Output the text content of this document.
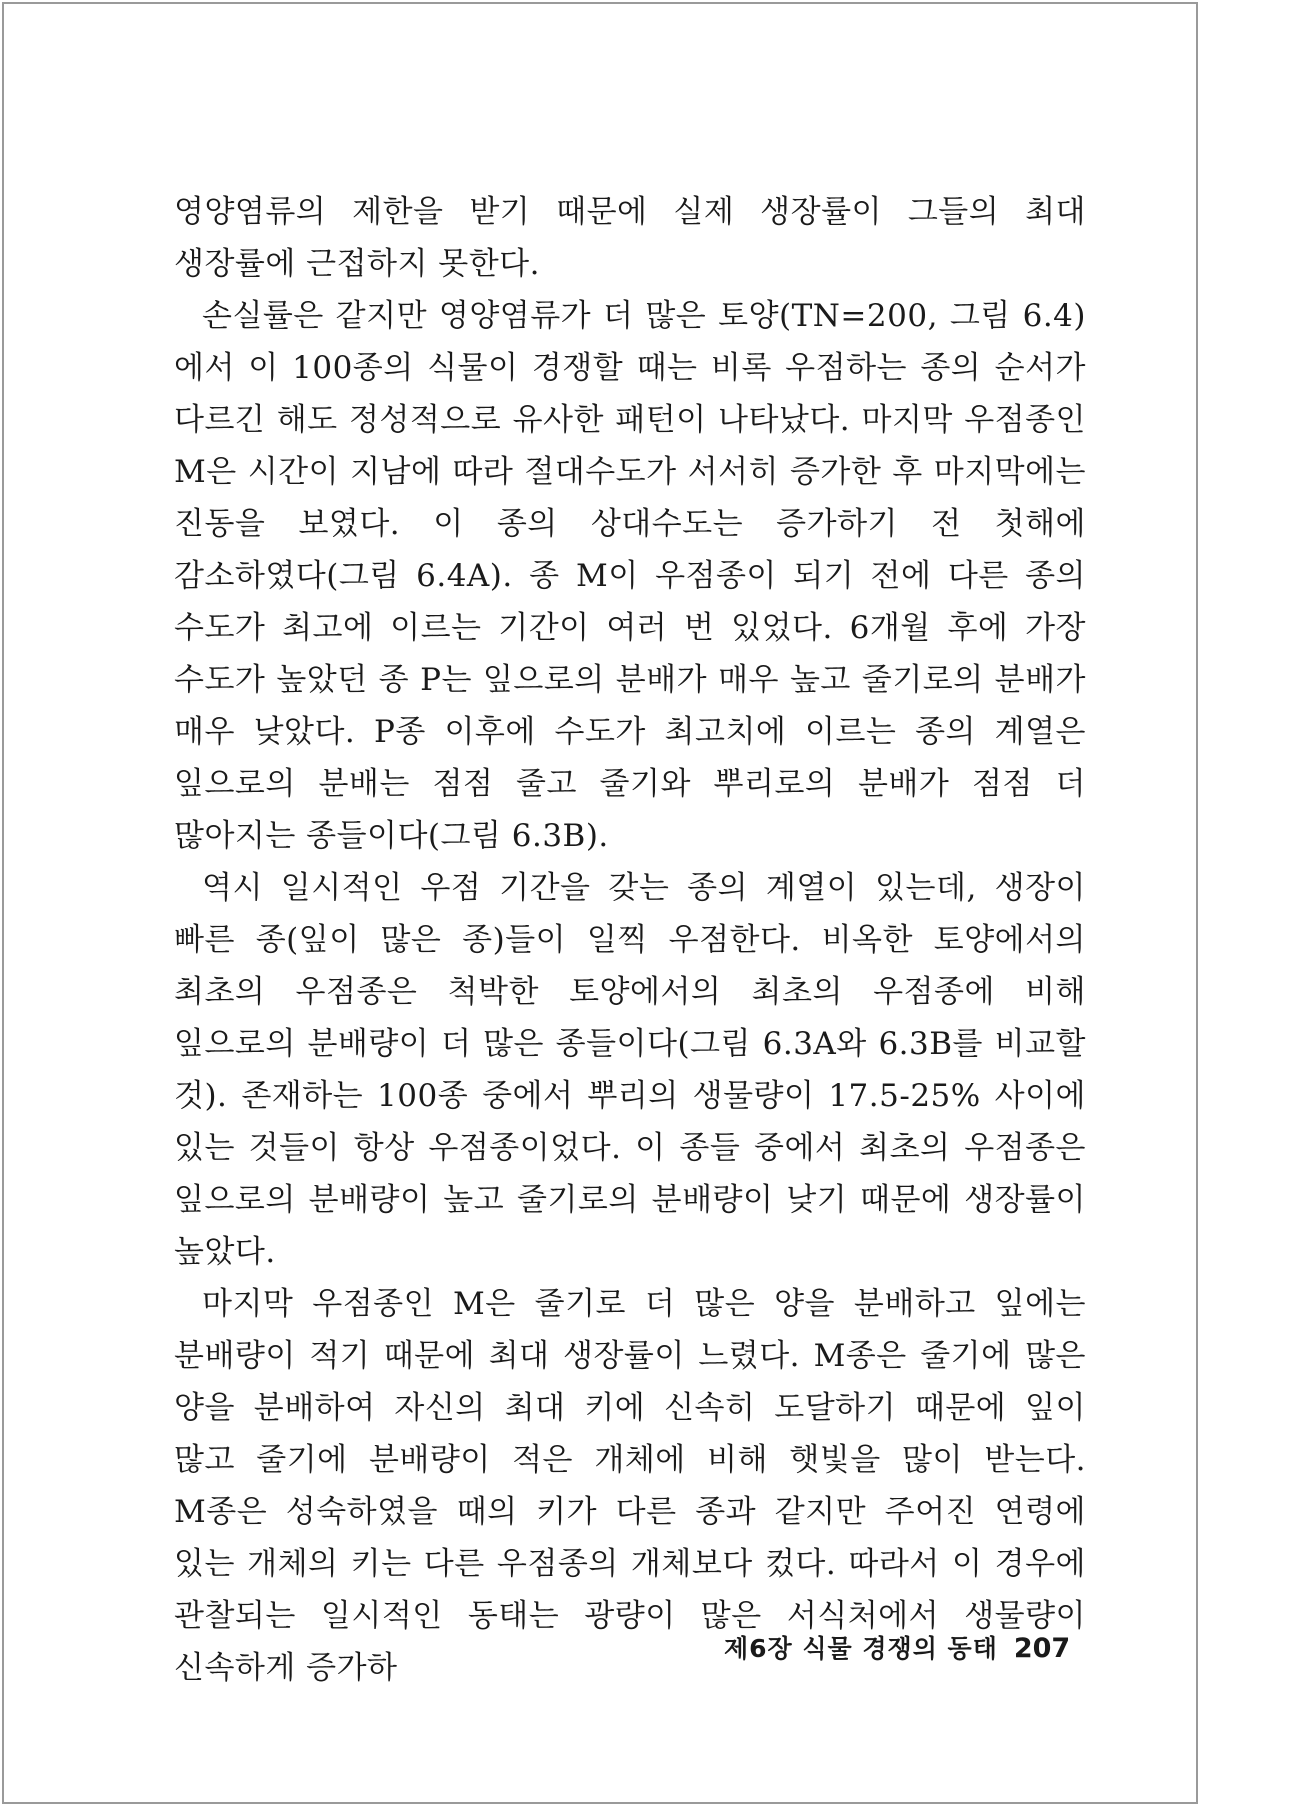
영양염류의 제한을 받기 때문에 실제 생장률이 그들의 최대 생장률에 근접하지 못한다.

손실률은 같지만 영양염류가 더 많은 토양(TN=200, 그림 6.4)에서 이 100종의 식물이 경쟁할 때는 비록 우점하는 종의 순서가 다르긴 해도 정성적으로 유사한 패턴이 나타났다. 마지막 우점종인 M은 시간이 지남에 따라 절대수도가 서서히 증가한 후 마지막에는 진동을 보였다. 이 종의 상대수도는 증가하기 전 첫해에 감소하였다(그림 6.4A). 종 M이 우점종이 되기 전에 다른 종의 수도가 최고에 이르는 기간이 여러 번 있었다. 6개월 후에 가장 수도가 높았던 종 P는 잎으로의 분배가 매우 높고 줄기로의 분배가 매우 낮았다. P종 이후에 수도가 최고치에 이르는 종의 계열은 잎으로의 분배는 점점 줄고 줄기와 뿌리로의 분배가 점점 더 많아지는 종들이다(그림 6.3B).

역시 일시적인 우점 기간을 갖는 종의 계열이 있는데, 생장이 빠른 종(잎이 많은 종)들이 일찍 우점한다. 비옥한 토양에서의 최초의 우점종은 척박한 토양에서의 최초의 우점종에 비해 잎으로의 분배량이 더 많은 종들이다(그림 6.3A와 6.3B를 비교할 것). 존재하는 100종 중에서 뿌리의 생물량이 17.5-25% 사이에 있는 것들이 항상 우점종이었다. 이 종들 중에서 최초의 우점종은 잎으로의 분배량이 높고 줄기로의 분배량이 낮기 때문에 생장률이 높았다.

마지막 우점종인 M은 줄기로 더 많은 양을 분배하고 잎에는 분배량이 적기 때문에 최대 생장률이 느렸다. M종은 줄기에 많은 양을 분배하여 자신의 최대 키에 신속히 도달하기 때문에 잎이 많고 줄기에 분배량이 적은 개체에 비해 햇빛을 많이 받는다. M종은 성숙하였을 때의 키가 다른 종과 같지만 주어진 연령에 있는 개체의 키는 다른 우점종의 개체보다 컸다. 따라서 이 경우에 관찰되는 일시적인 동태는 광량이 많은 서식처에서 생물량이 신속하게 증가하

제6장 식물 경쟁의 동태 207
